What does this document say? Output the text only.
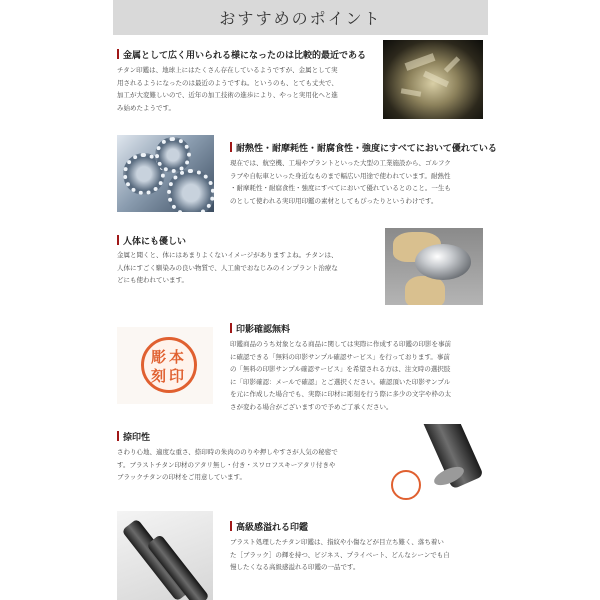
おすすめのポイント
金属として広く用いられる様になったのは比較的最近である
チタン印鑑は、地球上にはたくさん存在しているようですが、金属として実
用されるようになったのは最近のようですね。というのも、とても丈夫で、
加工が大変難しいので、近年の加工技術の進歩により、やっと実用化へと進
み始めたようです。
耐熱性・耐摩耗性・耐腐食性・強度にすべてにおいて優れている
現在では、航空機、工場やプラントといった大型の工業施設から、ゴルフク
ラブや自転車といった身近なものまで幅広い用途で使われています。耐熱性
・耐摩耗性・耐腐食性・強度にすべてにおいて優れているとのこと。一生も
のとして使われる実印用印鑑の素材としてもぴったりというわけです。
人体にも優しい
金属と聞くと、体にはあまりよくないイメージがありますよね。チタンは、
人体にすごく馴染みの良い物質で、人工歯でおなじみのインプラント治療な
どにも使われています。
本
印
彫
刻
印影確認無料
印鑑商品のうち対象となる商品に関しては実際に作成する印鑑の印影を事前
に確認できる「無料の印影サンプル確認サービス」を行っております。事前
の「無料の印影サンプル確認サービス」を希望される方は、注文時の選択肢
に「印影確認：メールで確認」とご選択ください。確認頂いた印影サンプル
を元に作成した場合でも、実際に印材に彫刻を行う際に多少の文字や枠の太
さが変わる場合がございますので予めご了承ください。
捺印性
さわり心地、適度な重さ、捺印時の朱肉ののりや押しやすさが人気の秘密で
す。ブラストチタン印材のアタリ無し・付き・スワロフスキーアタリ付きや
ブラックチタンの印材をご用意しています。
高級感溢れる印鑑
ブラスト処理したチタン印鑑は、指紋や小傷などが目立ち難く、落ち着い
た［ブラック］の輝を持つ、ビジネス、プライベート、どんなシーンでも自
慢したくなる高級感溢れる印鑑の一品です。
